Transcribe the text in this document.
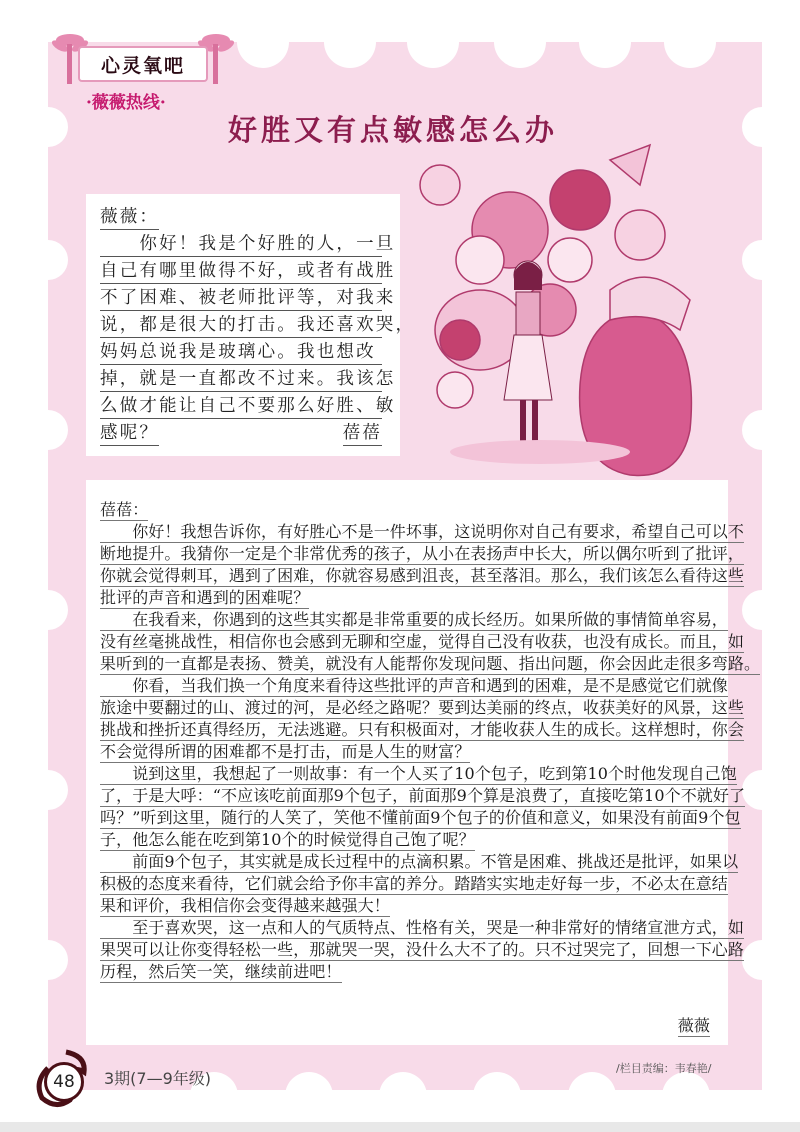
心灵氧吧
·薇薇热线·
好胜又有点敏感怎么办
薇薇：
　　你好！我是个好胜的人，一旦
自己有哪里做得不好，或者有战胜
不了困难、被老师批评等，对我来
说，都是很大的打击。我还喜欢哭，
妈妈总说我是玻璃心。我也想改
掉，就是一直都改不过来。我该怎
么做才能让自己不要那么好胜、敏
感呢？	蓓蓓
蓓蓓：
　　你好！我想告诉你，有好胜心不是一件坏事，这说明你对自己有要求，希望自己可以不
断地提升。我猜你一定是个非常优秀的孩子，从小在表扬声中长大，所以偶尔听到了批评，
你就会觉得刺耳，遇到了困难，你就容易感到沮丧，甚至落泪。那么，我们该怎么看待这些
批评的声音和遇到的困难呢？
　　在我看来，你遇到的这些其实都是非常重要的成长经历。如果所做的事情简单容易，
没有丝毫挑战性，相信你也会感到无聊和空虚，觉得自己没有收获，也没有成长。而且，如
果听到的一直都是表扬、赞美，就没有人能帮你发现问题、指出问题，你会因此走很多弯路。
　　你看，当我们换一个角度来看待这些批评的声音和遇到的困难，是不是感觉它们就像
旅途中要翻过的山、渡过的河，是必经之路呢？要到达美丽的终点，收获美好的风景，这些
挑战和挫折还真得经历，无法逃避。只有积极面对，才能收获人生的成长。这样想时，你会
不会觉得所谓的困难都不是打击，而是人生的财富？
　　说到这里，我想起了一则故事：有一个人买了10个包子，吃到第10个时他发现自己饱
了，于是大呼：“不应该吃前面那9个包子，前面那9个算是浪费了，直接吃第10个不就好了
吗？”听到这里，随行的人笑了，笑他不懂前面9个包子的价值和意义，如果没有前面9个包
子，他怎么能在吃到第10个的时候觉得自己饱了呢？
　　前面9个包子，其实就是成长过程中的点滴积累。不管是困难、挑战还是批评，如果以
积极的态度来看待，它们就会给予你丰富的养分。踏踏实实地走好每一步，不必太在意结
果和评价，我相信你会变得越来越强大！
　　至于喜欢哭，这一点和人的气质特点、性格有关，哭是一种非常好的情绪宣泄方式，如
果哭可以让你变得轻松一些，那就哭一哭，没什么大不了的。只不过哭完了，回想一下心路
历程，然后笑一笑，继续前进吧！
薇薇
48	3期(7—9年级)
/栏目责编：韦春艳/
